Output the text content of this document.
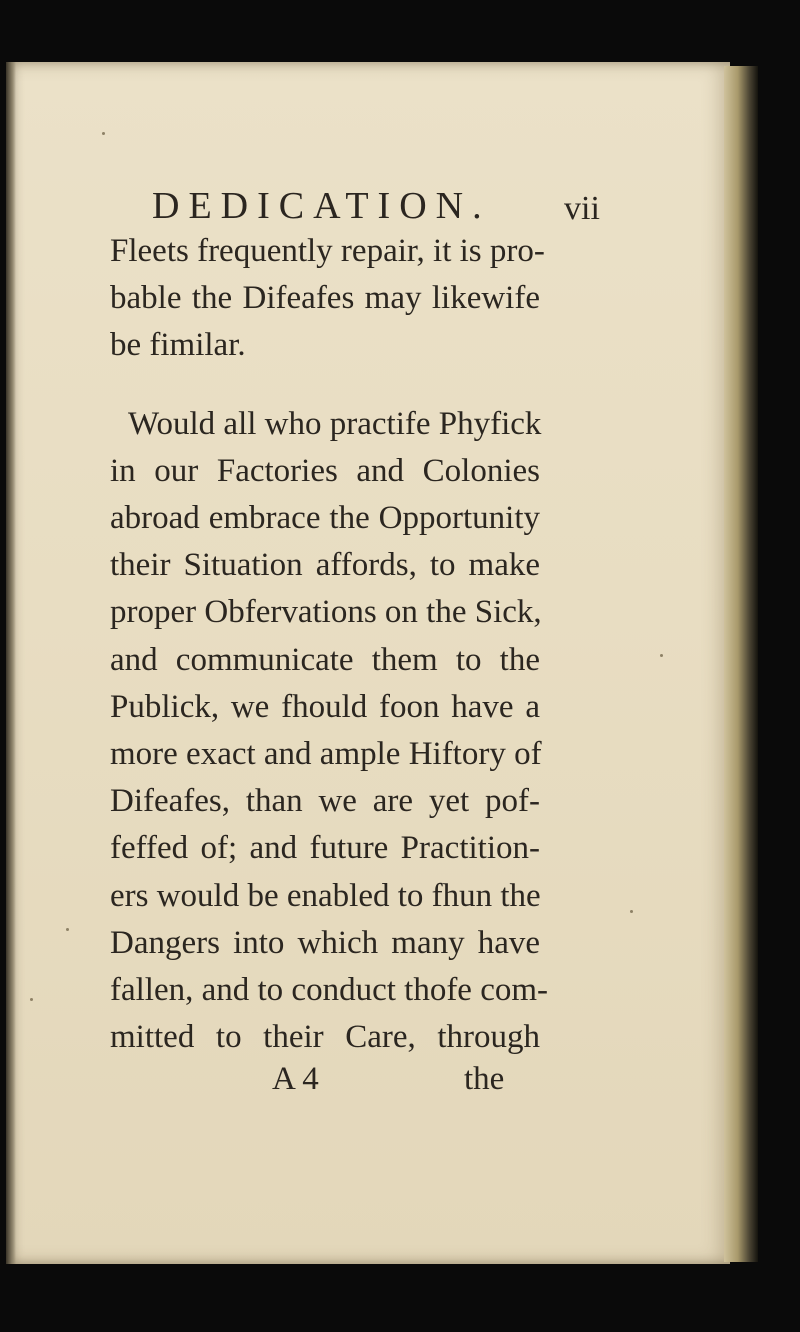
DEDICATION. vii
Fleets frequently repair, it is pro-
bable the Difeafes may likewife
be fimilar.
Would all who practife Phyfick
in our Factories and Colonies
abroad embrace the Opportunity
their Situation affords, to make
proper Obfervations on the Sick,
and communicate them to the
Publick, we fhould foon have a
more exact and ample Hiftory of
Difeafes, than we are yet pof-
feffed of; and future Practition-
ers would be enabled to fhun the
Dangers into which many have
fallen, and to conduct thofe com-
mitted to their Care, through
A 4	the
